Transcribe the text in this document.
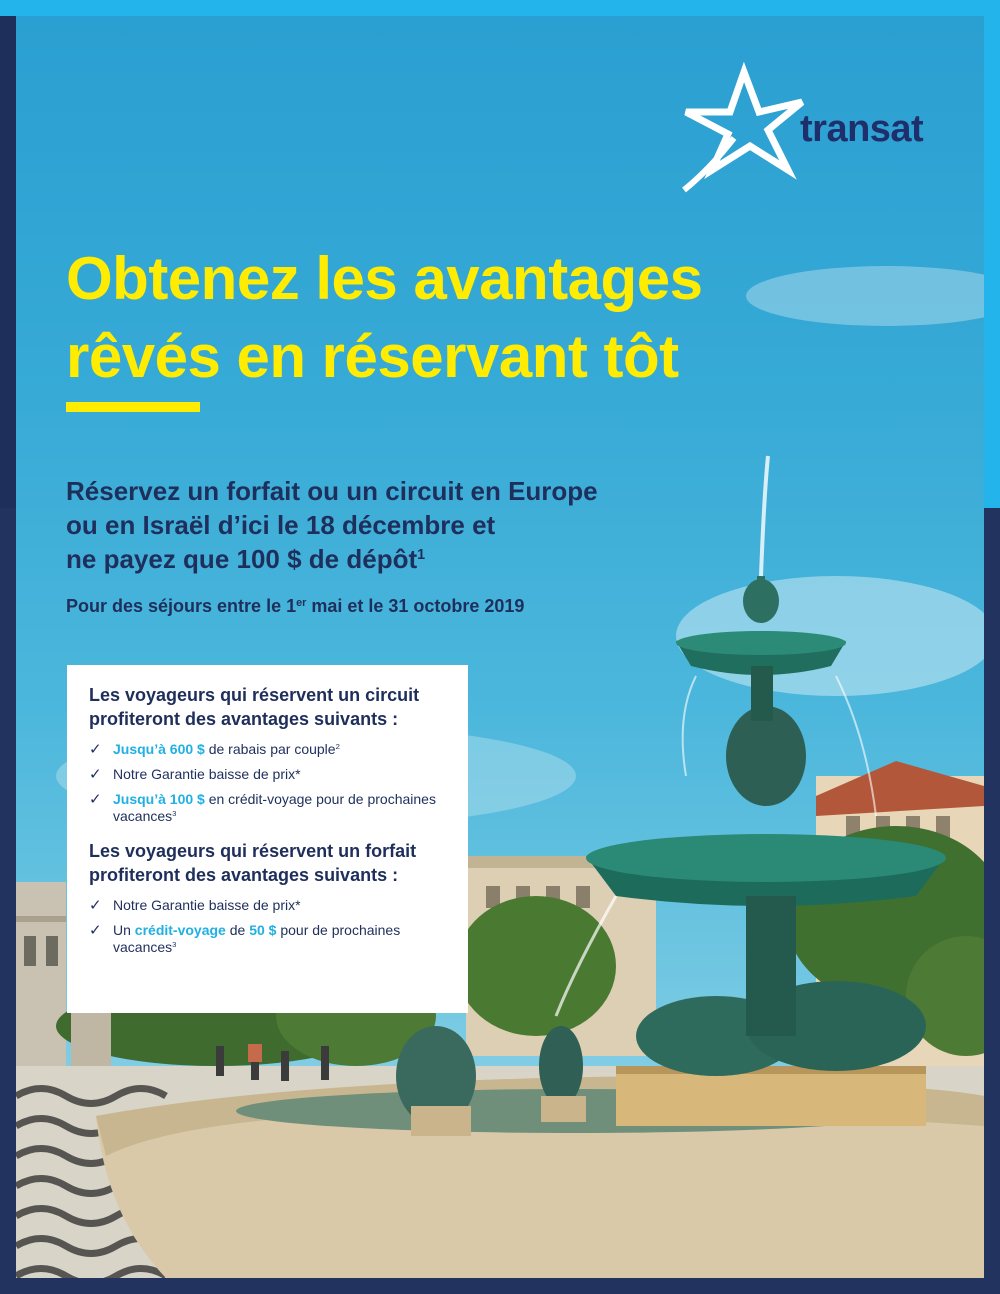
transat
Obtenez les avantages
rêvés en réservant tôt
Réservez un forfait ou un circuit en Europe
ou en Israël d’ici le 18 décembre et
ne payez que 100 $ de dépôt$^1$
Pour des séjours entre le 1er mai et le 31 octobre 2019
Les voyageurs qui réservent un circuit profiteront des avantages suivants :
✓ Jusqu’à 600 $ de rabais par couple$^2$
✓ Notre Garantie baisse de prix*
✓ Jusqu’à 100 $ en crédit-voyage pour de prochaines vacances$^3$
Les voyageurs qui réservent un forfait profiteront des avantages suivants :
✓ Notre Garantie baisse de prix*
✓ Un crédit-voyage de 50 $ pour de prochaines vacances$^3$
